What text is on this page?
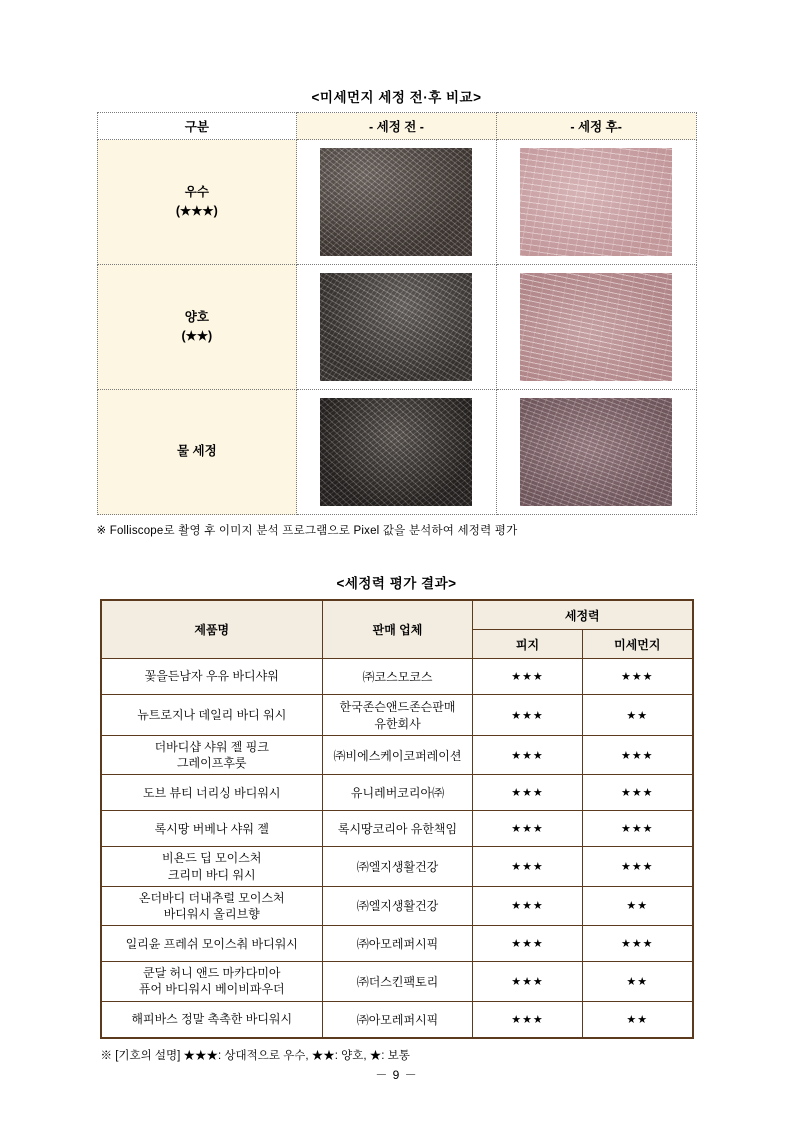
<미세먼지 세정 전·후 비교>
구분	- 세정 전 -	- 세정 후-

우수
(★★★)		

양호
(★★)		

물 세정		

※ Folliscope로 촬영 후 이미지 분석 프로그램으로 Pixel 값을 분석하여 세정력 평가
<세정력 평가 결과>
제품명	판매 업체	세정력	
		피지	미세먼지

꽃을든남자 우유 바디샤워	㈜코스모코스	★★★	★★★

뉴트로지나 데일리 바디 워시	한국존슨앤드존슨판매
유한회사	★★★	★★

더바디샵 샤워 젤 핑크
그레이프후룻	㈜비에스케이코퍼레이션	★★★	★★★

도브 뷰티 너리싱 바디워시	유니레버코리아㈜	★★★	★★★

록시땅 버베나 샤워 젤	록시땅코리아 유한책임	★★★	★★★

비욘드 딥 모이스처
크리미 바디 워시	㈜엘지생활건강	★★★	★★★

온더바디 더내추럴 모이스처
바디워시 올리브향	㈜엘지생활건강	★★★	★★

일리윤 프레쉬 모이스춰 바디워시	㈜아모레퍼시픽	★★★	★★★

쿤달 허니 앤드 마카다미아
퓨어 바디워시 베이비파우더	㈜더스킨팩토리	★★★	★★

해피바스 정말 촉촉한 바디워시	㈜아모레퍼시픽	★★★	★★
※ [기호의 설명] ★★★: 상대적으로 우수, ★★: 양호, ★: 보통
－ 9 －
